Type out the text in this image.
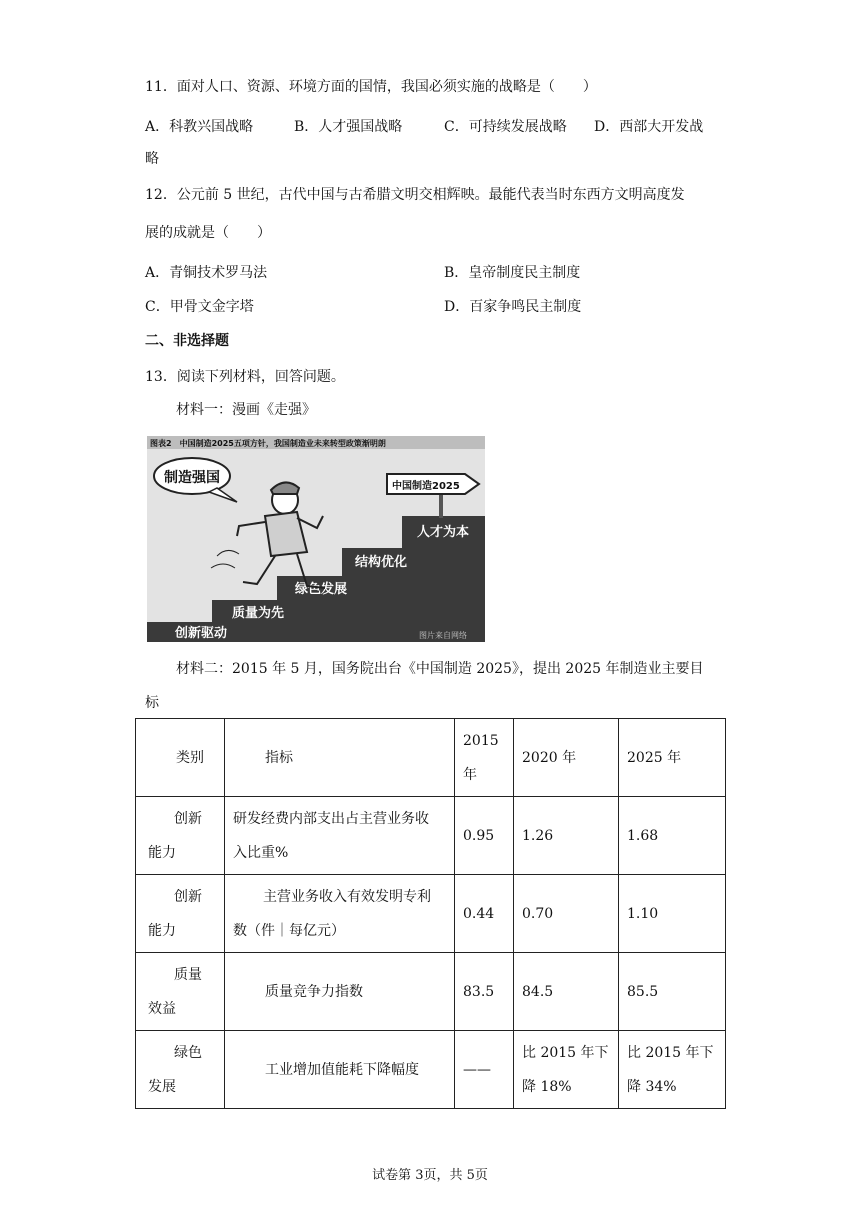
11．面对人口、资源、环境方面的国情，我国必须实施的战略是（　　）
A．科教兴国战略	B．人才强国战略	C．可持续发展战略 D．西部大开发战
略
12．公元前 5 世纪，古代中国与古希腊文明交相辉映。最能代表当时东西方文明高度发
展的成就是（　　）
A．青铜技术罗马法	B．皇帝制度民主制度
C．甲骨文金字塔	D．百家争鸣民主制度
二、非选择题
13．阅读下列材料，回答问题。
材料一：漫画《走强》
图表2　中国制造2025五项方针，我国制造业未来转型政策渐明朗
创新驱动
质量为先
绿色发展
结构优化
人才为本
中国制造2025
制造强国
图片来自网络
材料二：2015 年 5 月，国务院出台《中国制造 2025》，提出 2025 年制造业主要目
标
类别	指标	2015
年	2020 年	2025 年

创新
能力	研发经费内部支出占主营业务收
入比重%	0.95	1.26	1.68

创新
能力	主营业务收入有效发明专利
数（件｜每亿元）	0.44	0.70	1.10

质量
效益	质量竞争力指数	83.5	84.5	85.5

绿色
发展	工业增加值能耗下降幅度	——	比 2015 年下
降 18%	比 2015 年下
降 34%
试卷第 3页，共 5页
